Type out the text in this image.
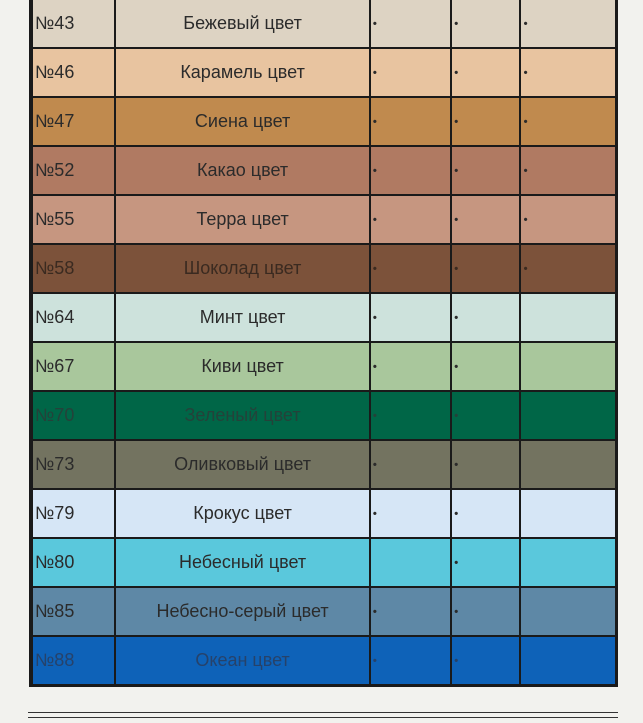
№43	Бежевый цвет	•	•	•

№46	Карамель цвет	•	•	•

№47	Сиена цвет	•	•	•

№52	Какао цвет	•	•	•

№55	Терра цвет	•	•	•

№58	Шоколад цвет	•	•	•

№64	Минт цвет	•	•	

№67	Киви цвет	•	•	

№70	Зеленый цвет	•	•	

№73	Оливковый цвет	•	•	

№79	Крокус цвет	•	•	

№80	Небесный цвет		•	

№85	Небесно-серый цвет	•	•	

№88	Океан цвет	•	•	
